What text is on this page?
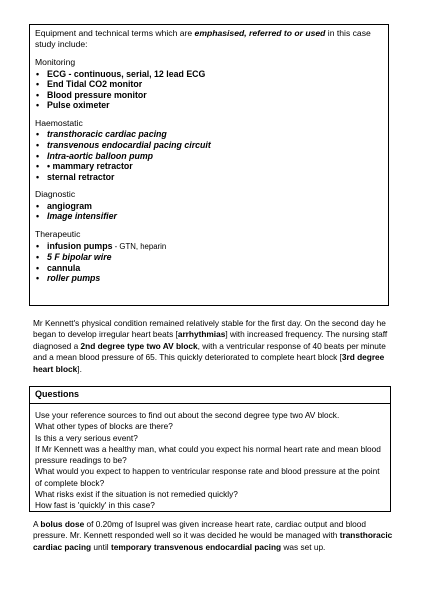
Equipment and technical terms which are emphasised, referred to or used in this case study include:
Monitoring
• ECG - continuous, serial, 12 lead ECG
• End Tidal CO2 monitor
• Blood pressure monitor
• Pulse oximeter
Haemostatic
• transthoracic cardiac pacing
• transvenous endocardial pacing circuit
• Intra-aortic balloon pump
• • mammary retractor
• sternal retractor
Diagnostic
• angiogram
• Image intensifier
Therapeutic
• infusion pumps - GTN, heparin
• 5 F bipolar wire
• cannula
• roller pumps

Mr Kennett's physical condition remained relatively stable for the first day. On the second day he began to develop irregular heart beats [arrhythmias] with increased frequency. The nursing staff diagnosed a 2nd degree type two AV block, with a ventricular response of 40 beats per minute and a mean blood pressure of 65. This quickly deteriorated to complete heart block [3rd degree heart block].

Questions
Use your reference sources to find out about the second degree type two AV block.
What other types of blocks are there?
Is this a very serious event?
If Mr Kennett was a healthy man, what could you expect his normal heart rate and mean blood pressure readings to be?
What would you expect to happen to ventricular response rate and blood pressure at the point of complete block?
What risks exist if the situation is not remedied quickly?
How fast is 'quickly' in this case?

A bolus dose of 0.20mg of Isuprel was given increase heart rate, cardiac output and blood pressure. Mr. Kennett responded well so it was decided he would be managed with transthoracic cardiac pacing until temporary transvenous endocardial pacing was set up.
